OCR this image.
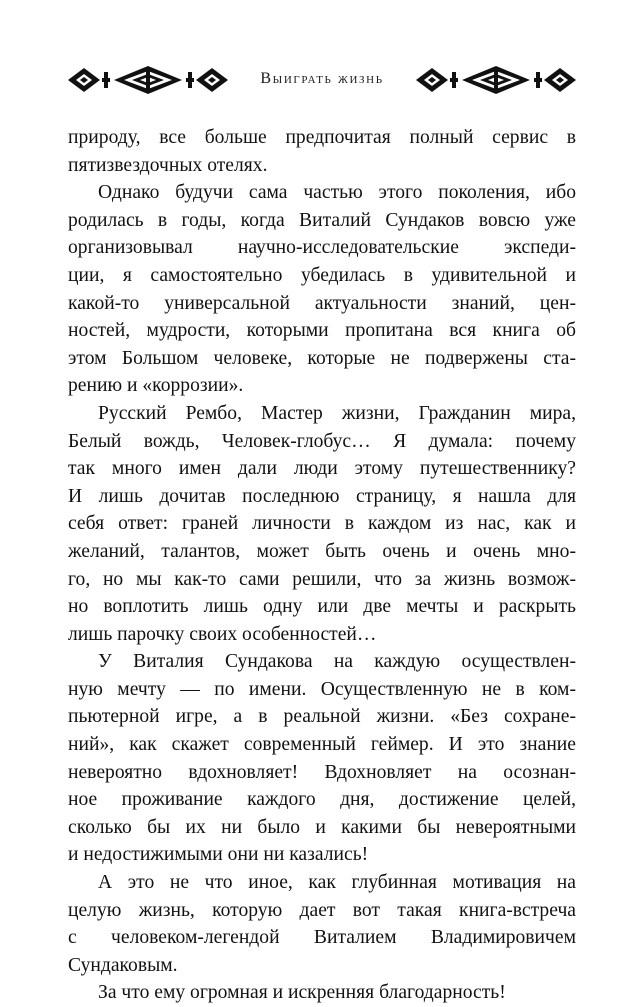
Выиграть жизнь
природу, все больше предпочитая полный сервис в
пятизвездочных отелях.
Однако будучи сама частью этого поколения, ибо
родилась в годы, когда Виталий Сундаков вовсю уже
организовывал научно-исследовательские экспеди-
ции, я самостоятельно убедилась в удивительной и
какой-то универсальной актуальности знаний, цен-
ностей, мудрости, которыми пропитана вся книга об
этом Большом человеке, которые не подвержены ста-
рению и «коррозии».
Русский Рембо, Мастер жизни, Гражданин мира,
Белый вождь, Человек-глобус… Я думала: почему
так много имен дали люди этому путешественнику?
И лишь дочитав последнюю страницу, я нашла для
себя ответ: граней личности в каждом из нас, как и
желаний, талантов, может быть очень и очень мно-
го, но мы как-то сами решили, что за жизнь возмож-
но воплотить лишь одну или две мечты и раскрыть
лишь парочку своих особенностей…
У Виталия Сундакова на каждую осуществлен-
ную мечту — по имени. Осуществленную не в ком-
пьютерной игре, а в реальной жизни. «Без сохране-
ний», как скажет современный геймер. И это знание
невероятно вдохновляет! Вдохновляет на осознан-
ное проживание каждого дня, достижение целей,
сколько бы их ни было и какими бы невероятными
и недостижимыми они ни казались!
А это не что иное, как глубинная мотивация на
целую жизнь, которую дает вот такая книга-встреча
с человеком-легендой Виталием Владимировичем
Сундаковым.
За что ему огромная и искренняя благодарность!
